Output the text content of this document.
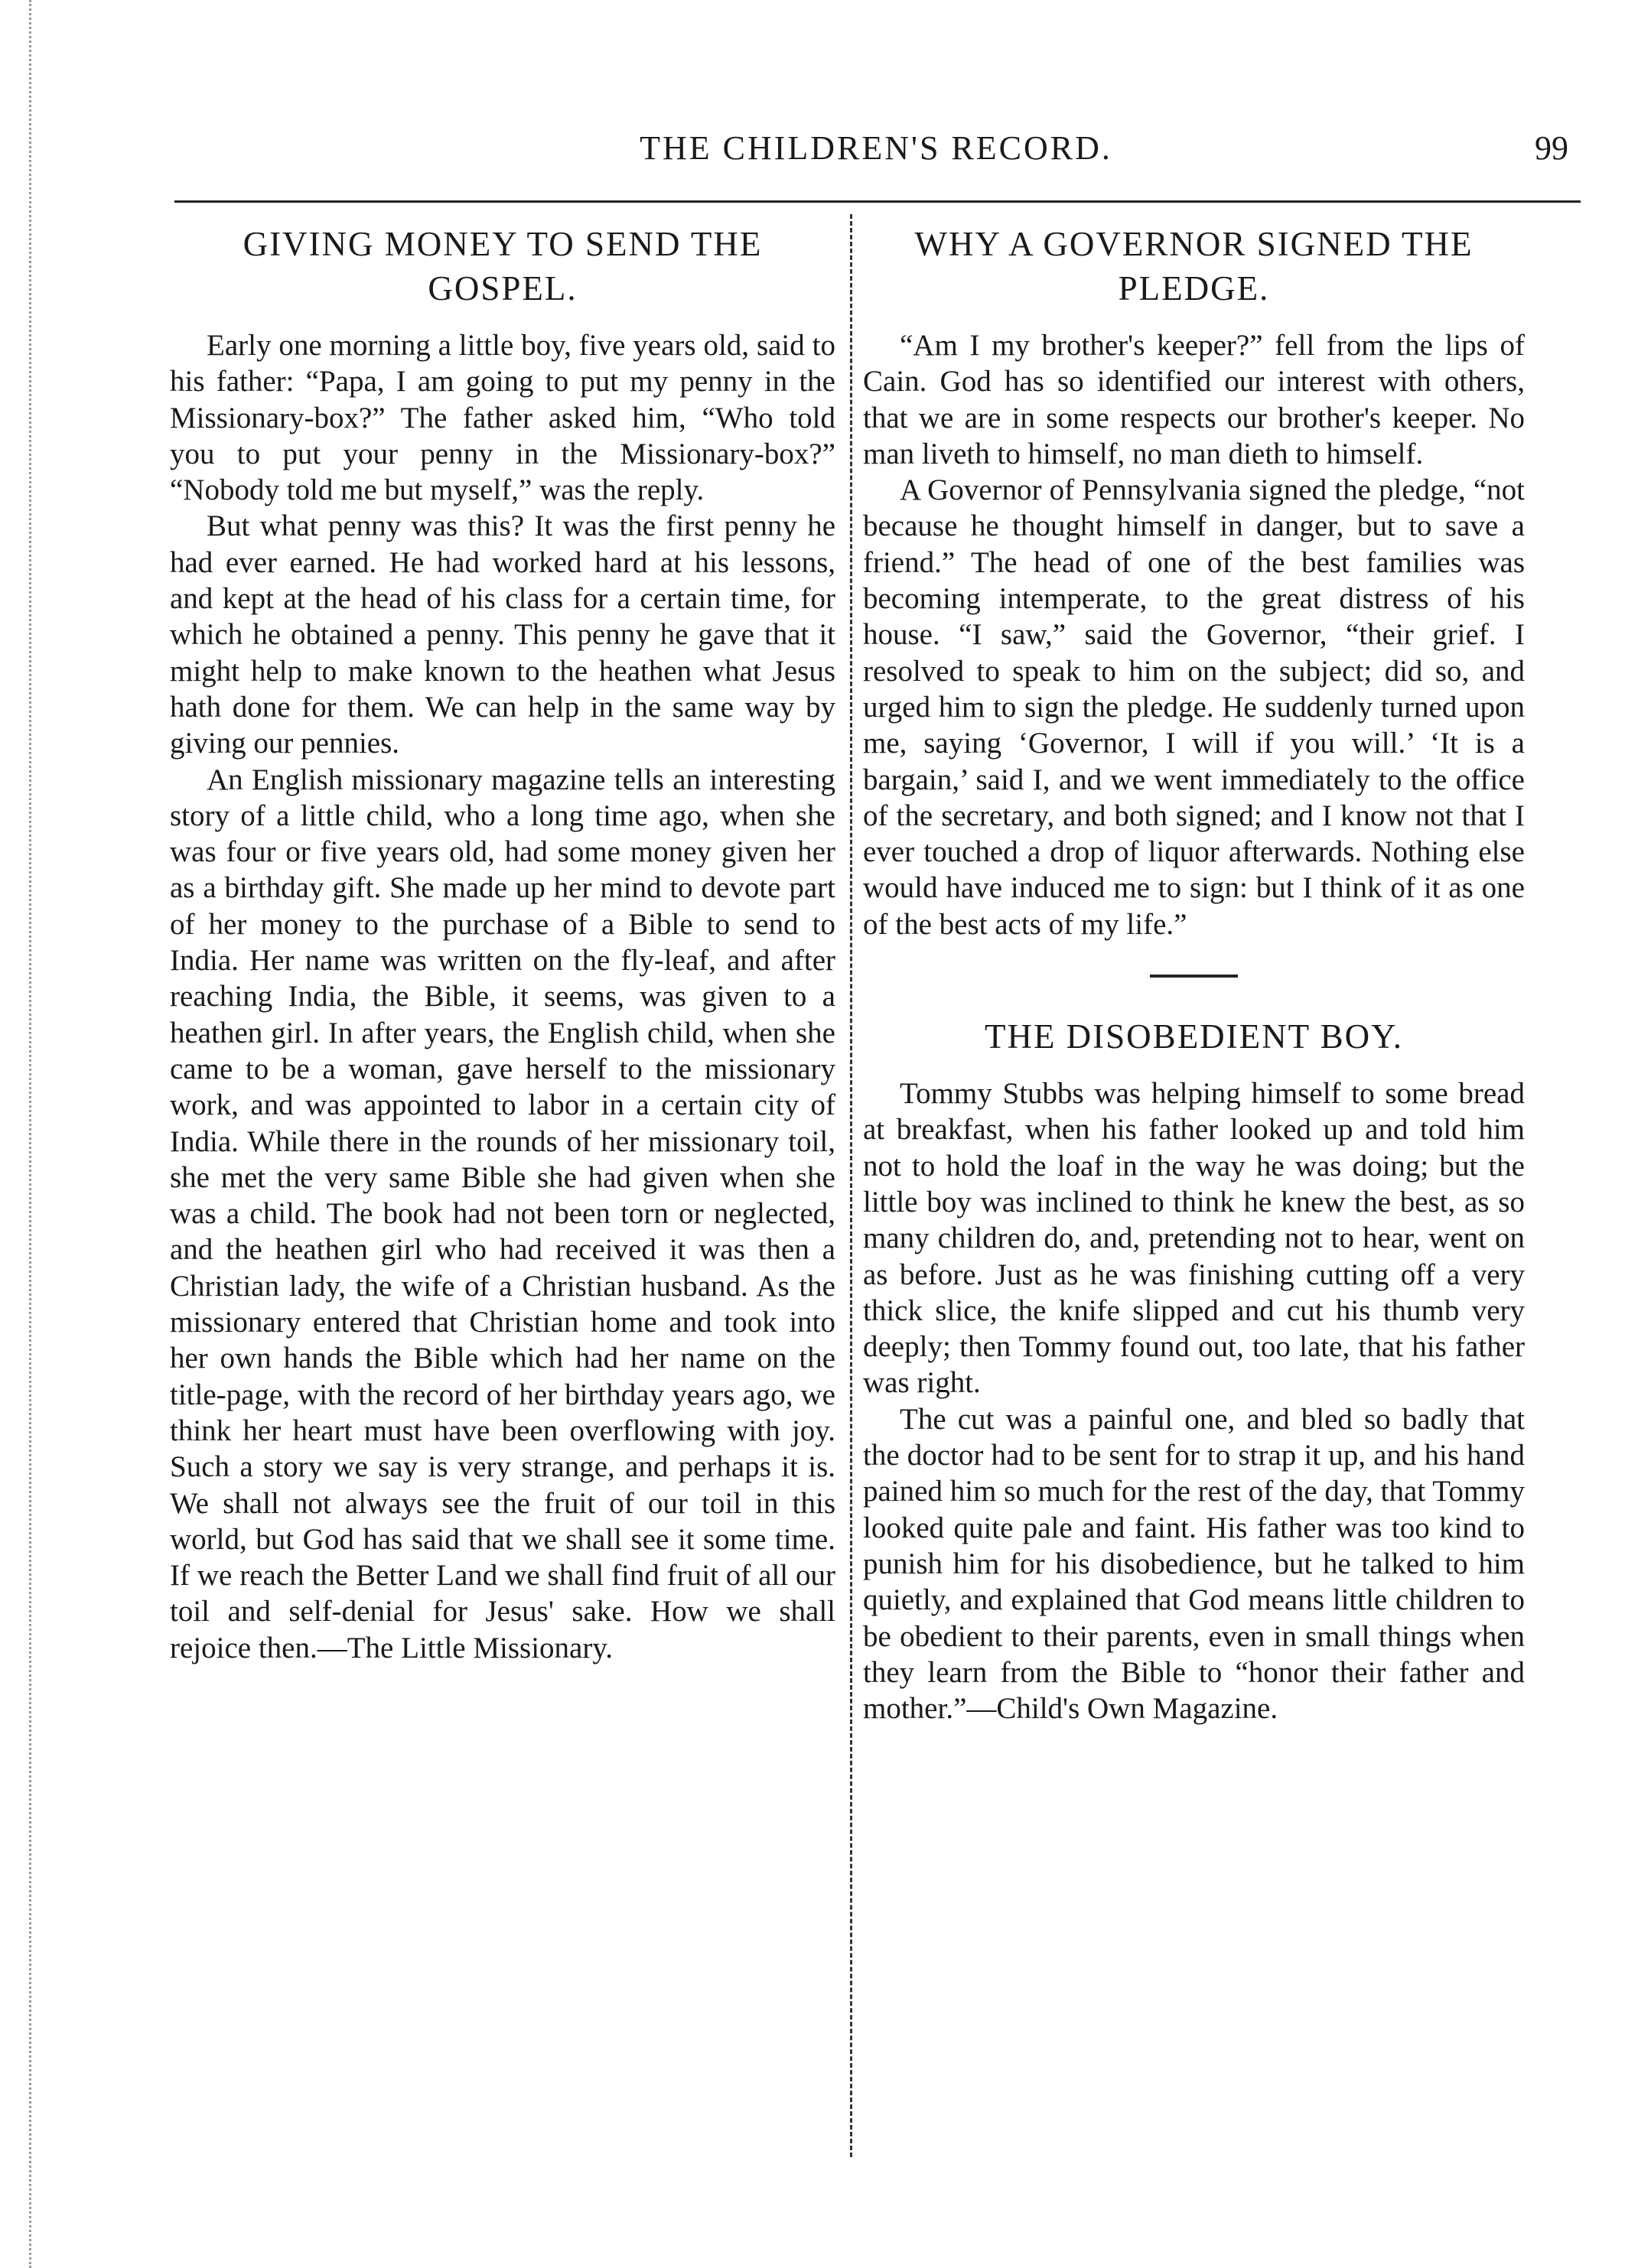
THE CHILDREN'S RECORD.	99
GIVING MONEY TO SEND THE GOSPEL.

Early one morning a little boy, five years old, said to his father: “Papa, I am going to put my penny in the Missionary-box?” The father asked him, “Who told you to put your penny in the Missionary-box?” “Nobody told me but myself,” was the reply.

But what penny was this? It was the first penny he had ever earned. He had worked hard at his lessons, and kept at the head of his class for a certain time, for which he obtained a penny. This penny he gave that it might help to make known to the heathen what Jesus hath done for them. We can help in the same way by giving our pennies.

An English missionary magazine tells an interesting story of a little child, who a long time ago, when she was four or five years old, had some money given her as a birthday gift. She made up her mind to devote part of her money to the purchase of a Bible to send to India. Her name was written on the fly-leaf, and after reaching India, the Bible, it seems, was given to a heathen girl. In after years, the English child, when she came to be a woman, gave herself to the missionary work, and was appointed to labor in a certain city of India. While there in the rounds of her missionary toil, she met the very same Bible she had given when she was a child. The book had not been torn or neglected, and the heathen girl who had received it was then a Christian lady, the wife of a Christian husband. As the missionary entered that Christian home and took into her own hands the Bible which had her name on the title-page, with the record of her birthday years ago, we think her heart must have been overflowing with joy. Such a story we say is very strange, and perhaps it is. We shall not always see the fruit of our toil in this world, but God has said that we shall see it some time. If we reach the Better Land we shall find fruit of all our toil and self-denial for Jesus' sake. How we shall rejoice then.—The Little Missionary.

WHY A GOVERNOR SIGNED THE PLEDGE.

“Am I my brother's keeper?” fell from the lips of Cain. God has so identified our interest with others, that we are in some respects our brother's keeper. No man liveth to himself, no man dieth to himself.

A Governor of Pennsylvania signed the pledge, “not because he thought himself in danger, but to save a friend.” The head of one of the best families was becoming intemperate, to the great distress of his house. “I saw,” said the Governor, “their grief. I resolved to speak to him on the subject; did so, and urged him to sign the pledge. He suddenly turned upon me, saying ‘Governor, I will if you will.’ ‘It is a bargain,’ said I, and we went immediately to the office of the secretary, and both signed; and I know not that I ever touched a drop of liquor afterwards. Nothing else would have induced me to sign: but I think of it as one of the best acts of my life.”

THE DISOBEDIENT BOY.

Tommy Stubbs was helping himself to some bread at breakfast, when his father looked up and told him not to hold the loaf in the way he was doing; but the little boy was inclined to think he knew the best, as so many children do, and, pretending not to hear, went on as before. Just as he was finishing cutting off a very thick slice, the knife slipped and cut his thumb very deeply; then Tommy found out, too late, that his father was right.

The cut was a painful one, and bled so badly that the doctor had to be sent for to strap it up, and his hand pained him so much for the rest of the day, that Tommy looked quite pale and faint. His father was too kind to punish him for his disobedience, but he talked to him quietly, and explained that God means little children to be obedient to their parents, even in small things when they learn from the Bible to “honor their father and mother.”—Child's Own Magazine.
